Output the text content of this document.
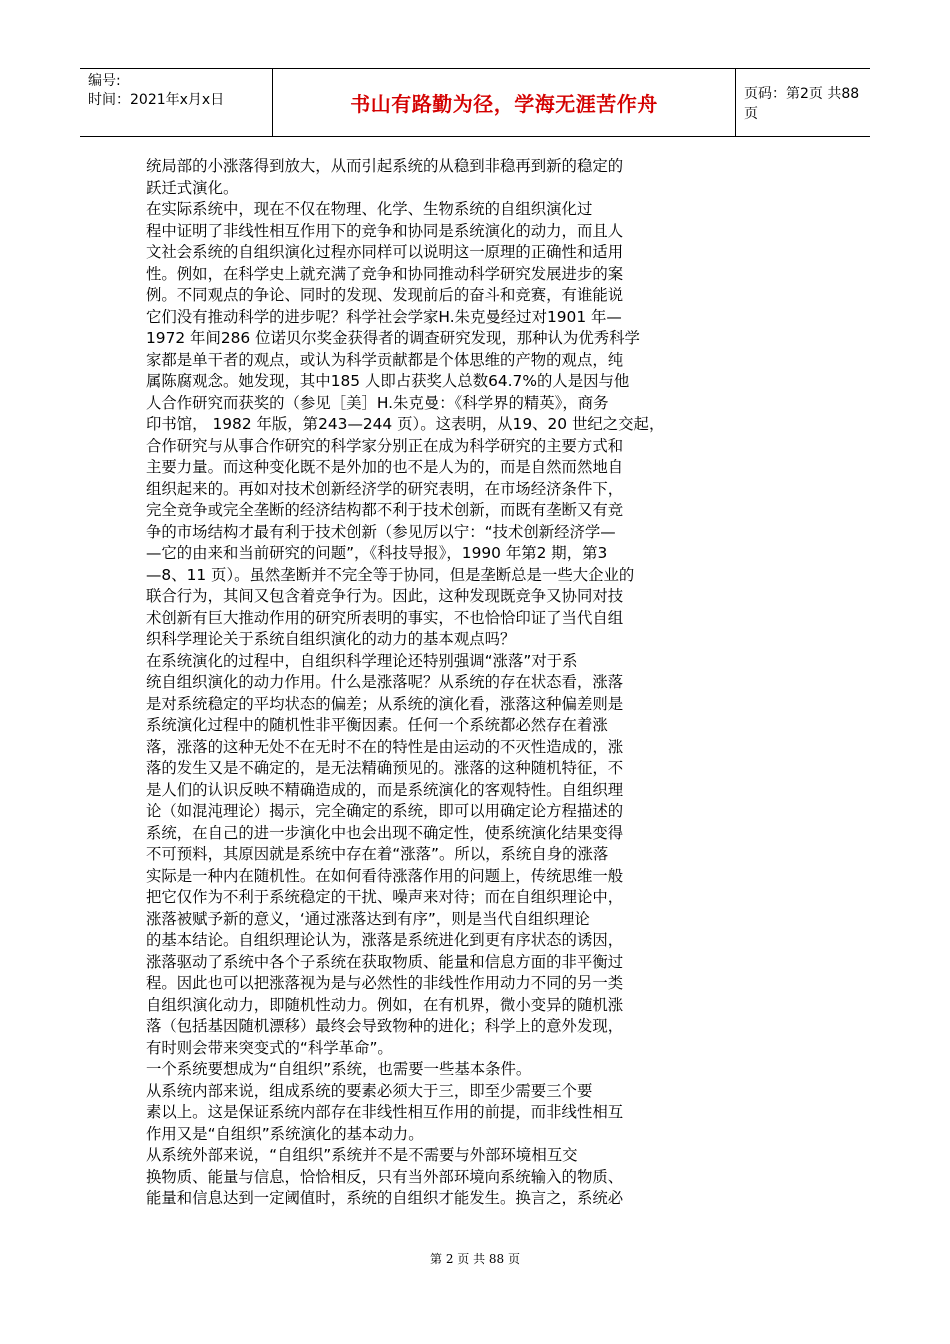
编号:
时间：2021年x月x日	书山有路勤为径，学海无涯苦作舟	页码：第2页 共88页
统局部的小涨落得到放大，从而引起系统的从稳到非稳再到新的稳定的
跃迁式演化。
在实际系统中，现在不仅在物理、化学、生物系统的自组织演化过
程中证明了非线性相互作用下的竞争和协同是系统演化的动力，而且人
文社会系统的自组织演化过程亦同样可以说明这一原理的正确性和适用
性。例如，在科学史上就充满了竞争和协同推动科学研究发展进步的案
例。不同观点的争论、同时的发现、发现前后的奋斗和竞赛，有谁能说
它们没有推动科学的进步呢？科学社会学家H.朱克曼经过对1901 年—
1972 年间286 位诺贝尔奖金获得者的调查研究发现，那种认为优秀科学
家都是单干者的观点，或认为科学贡献都是个体思维的产物的观点，纯
属陈腐观念。她发现，其中185 人即占获奖人总数64.7%的人是因与他
人合作研究而获奖的（参见［美］H.朱克曼：《科学界的精英》，商务
印书馆， 1982 年版，第243—244 页）。这表明，从19、20 世纪之交起，
合作研究与从事合作研究的科学家分别正在成为科学研究的主要方式和
主要力量。而这种变化既不是外加的也不是人为的，而是自然而然地自
组织起来的。再如对技术创新经济学的研究表明，在市场经济条件下，
完全竞争或完全垄断的经济结构都不利于技术创新，而既有垄断又有竞
争的市场结构才最有利于技术创新（参见厉以宁：“技术创新经济学—
—它的由来和当前研究的问题”，《科技导报》，1990 年第2 期，第3
—8、11 页）。虽然垄断并不完全等于协同，但是垄断总是一些大企业的
联合行为，其间又包含着竞争行为。因此，这种发现既竞争又协同对技
术创新有巨大推动作用的研究所表明的事实，不也恰恰印证了当代自组
织科学理论关于系统自组织演化的动力的基本观点吗？
在系统演化的过程中，自组织科学理论还特别强调“涨落”对于系
统自组织演化的动力作用。什么是涨落呢？从系统的存在状态看，涨落
是对系统稳定的平均状态的偏差；从系统的演化看，涨落这种偏差则是
系统演化过程中的随机性非平衡因素。任何一个系统都必然存在着涨
落，涨落的这种无处不在无时不在的特性是由运动的不灭性造成的，涨
落的发生又是不确定的，是无法精确预见的。涨落的这种随机特征，不
是人们的认识反映不精确造成的，而是系统演化的客观特性。自组织理
论（如混沌理论）揭示，完全确定的系统，即可以用确定论方程描述的
系统，在自己的进一步演化中也会出现不确定性，使系统演化结果变得
不可预料，其原因就是系统中存在着“涨落”。所以，系统自身的涨落
实际是一种内在随机性。在如何看待涨落作用的问题上，传统思维一般
把它仅作为不利于系统稳定的干扰、噪声来对待；而在自组织理论中，
涨落被赋予新的意义，‘通过涨落达到有序”，则是当代自组织理论
的基本结论。自组织理论认为，涨落是系统进化到更有序状态的诱因，
涨落驱动了系统中各个子系统在获取物质、能量和信息方面的非平衡过
程。因此也可以把涨落视为是与必然性的非线性作用动力不同的另一类
自组织演化动力，即随机性动力。例如，在有机界，微小变异的随机涨
落（包括基因随机漂移）最终会导致物种的进化；科学上的意外发现，
有时则会带来突变式的“科学革命”。
一个系统要想成为“自组织”系统，也需要一些基本条件。
从系统内部来说，组成系统的要素必须大于三，即至少需要三个要
素以上。这是保证系统内部存在非线性相互作用的前提，而非线性相互
作用又是“自组织”系统演化的基本动力。
从系统外部来说，“自组织”系统并不是不需要与外部环境相互交
换物质、能量与信息，恰恰相反，只有当外部环境向系统输入的物质、
能量和信息达到一定阈值时，系统的自组织才能发生。换言之，系统必
第 2 页 共 88 页
